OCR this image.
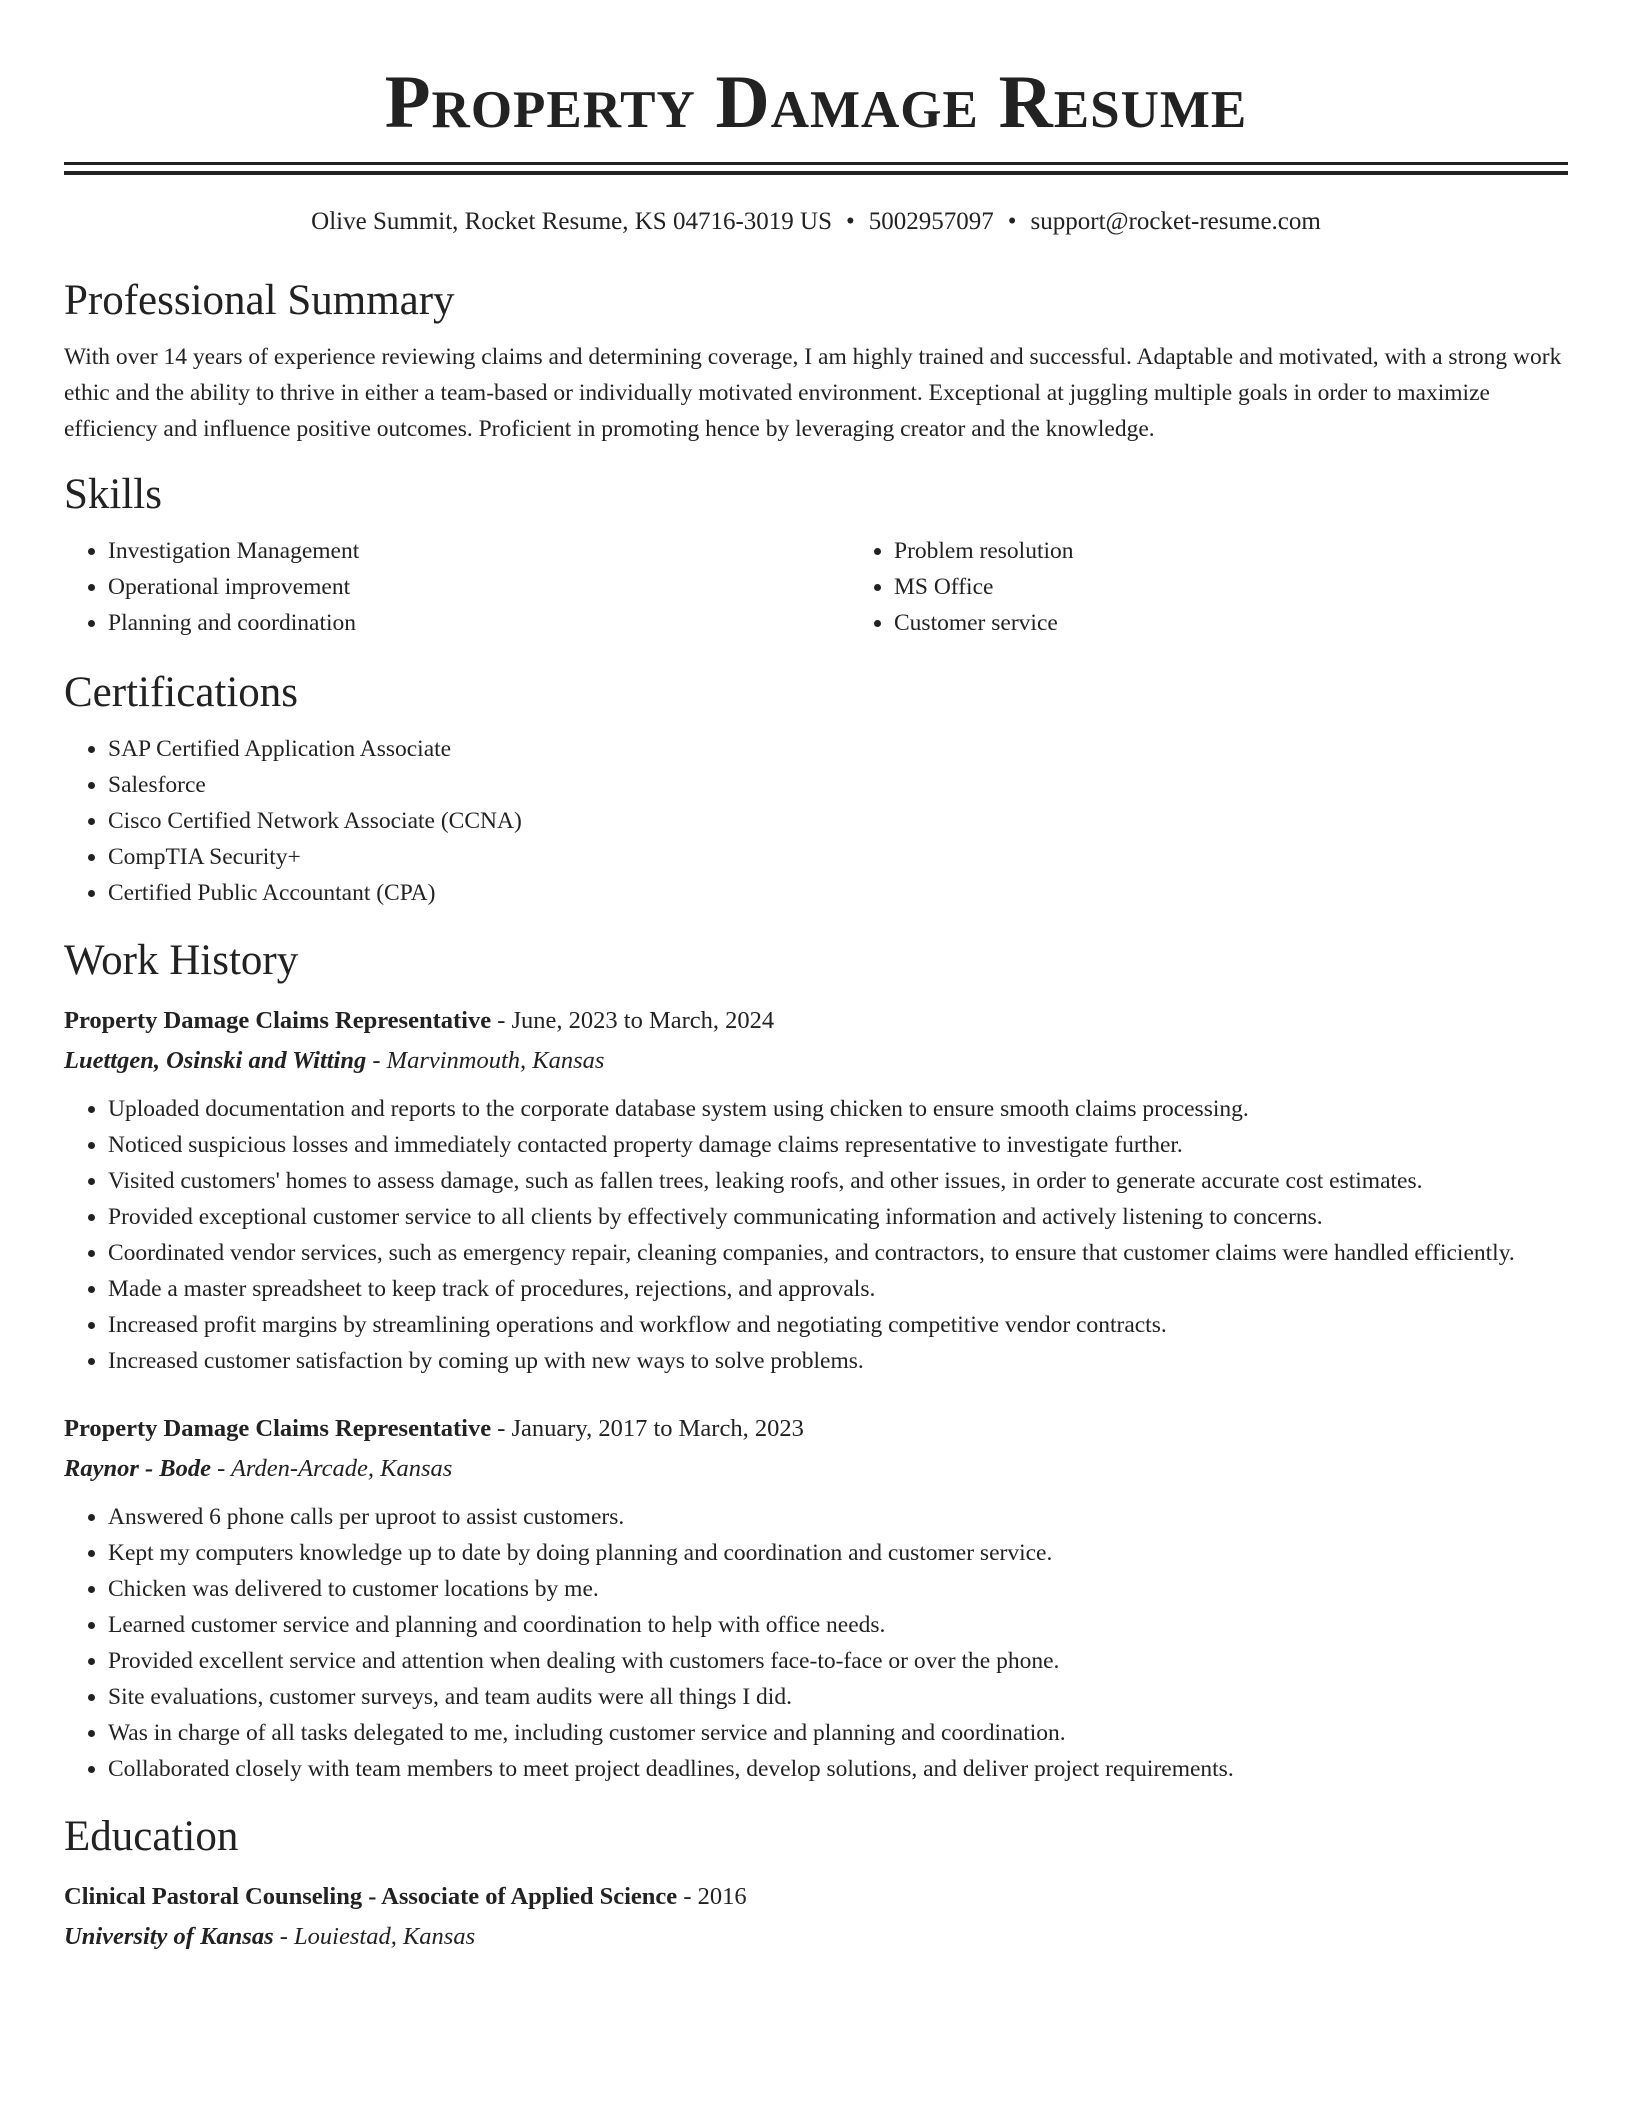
Property Damage Resume
Olive Summit, Rocket Resume, KS 04716-3019 US • 5002957097 • support@rocket-resume.com
Professional Summary

With over 14 years of experience reviewing claims and determining coverage, I am highly trained and successful. Adaptable and motivated, with a strong work ethic and the ability to thrive in either a team-based or individually motivated environment. Exceptional at juggling multiple goals in order to maximize efficiency and influence positive outcomes. Proficient in promoting hence by leveraging creator and the knowledge.

Skills
• Investigation Management
• Operational improvement
• Planning and coordination
• Problem resolution
• MS Office
• Customer service
Certifications
• SAP Certified Application Associate
• Salesforce
• Cisco Certified Network Associate (CCNA)
• CompTIA Security+
• Certified Public Accountant (CPA)
Work History
Property Damage Claims Representative - June, 2023 to March, 2024
Luettgen, Osinski and Witting - Marvinmouth, Kansas
• Uploaded documentation and reports to the corporate database system using chicken to ensure smooth claims processing.
• Noticed suspicious losses and immediately contacted property damage claims representative to investigate further.
• Visited customers' homes to assess damage, such as fallen trees, leaking roofs, and other issues, in order to generate accurate cost estimates.
• Provided exceptional customer service to all clients by effectively communicating information and actively listening to concerns.
• Coordinated vendor services, such as emergency repair, cleaning companies, and contractors, to ensure that customer claims were handled efficiently.
• Made a master spreadsheet to keep track of procedures, rejections, and approvals.
• Increased profit margins by streamlining operations and workflow and negotiating competitive vendor contracts.
• Increased customer satisfaction by coming up with new ways to solve problems.
Property Damage Claims Representative - January, 2017 to March, 2023
Raynor - Bode - Arden-Arcade, Kansas
• Answered 6 phone calls per uproot to assist customers.
• Kept my computers knowledge up to date by doing planning and coordination and customer service.
• Chicken was delivered to customer locations by me.
• Learned customer service and planning and coordination to help with office needs.
• Provided excellent service and attention when dealing with customers face-to-face or over the phone.
• Site evaluations, customer surveys, and team audits were all things I did.
• Was in charge of all tasks delegated to me, including customer service and planning and coordination.
• Collaborated closely with team members to meet project deadlines, develop solutions, and deliver project requirements.
Education
Clinical Pastoral Counseling - Associate of Applied Science - 2016
University of Kansas - Louiestad, Kansas
